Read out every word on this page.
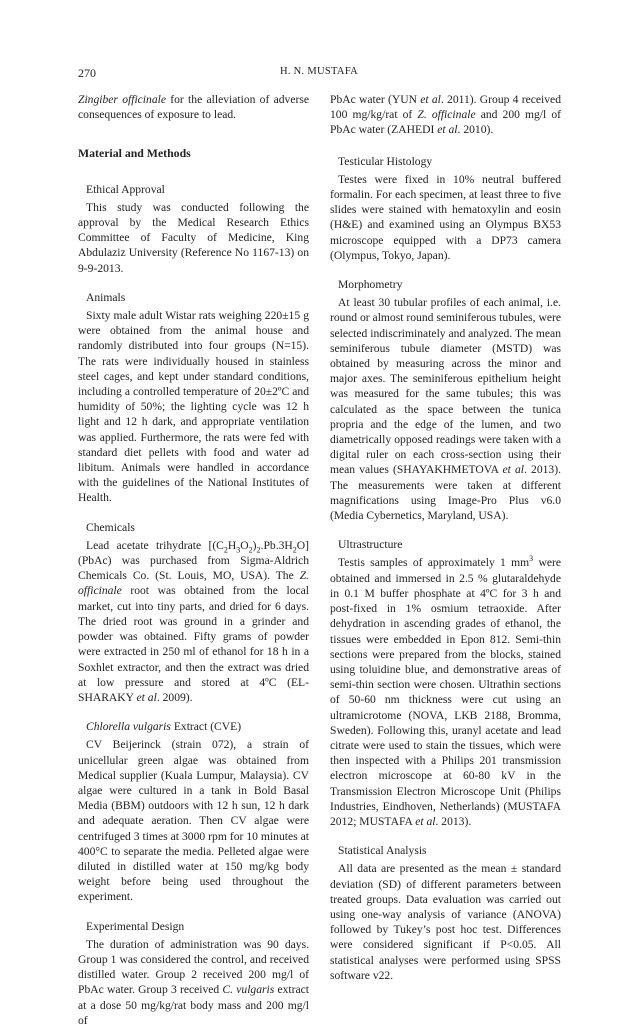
270	H. N. MUSTAFA

Zingiber officinale for the alleviation of adverse consequences of exposure to lead.

Material and Methods
Ethical Approval

This study was conducted following the approval by the Medical Research Ethics Committee of Faculty of Medicine, King Abdulaziz University (Reference No 1167-13) on 9-9-2013.

Animals

Sixty male adult Wistar rats weighing 220±15 g were obtained from the animal house and randomly distributed into four groups (N=15). The rats were individually housed in stainless steel cages, and kept under standard conditions, including a controlled temperature of 20±2ºC and humidity of 50%; the lighting cycle was 12 h light and 12 h dark, and appropriate ventilation was applied. Furthermore, the rats were fed with standard diet pellets with food and water ad libitum. Animals were handled in accordance with the guidelines of the National Institutes of Health.

Chemicals

Lead acetate trihydrate $[(C_2H_3O_2)_2.Pb.3H_2O]$ (PbAc) was purchased from Sigma-Aldrich Chemicals Co. (St. Louis, MO, USA). The Z. officinale root was obtained from the local market, cut into tiny parts, and dried for 6 days. The dried root was ground in a grinder and powder was obtained. Fifty grams of powder were extracted in 250 ml of ethanol for 18 h in a Soxhlet extractor, and then the extract was dried at low pressure and stored at 4ºC (EL-SHARAKY et al. 2009).

Chlorella vulgaris Extract (CVE)

CV Beijerinck (strain 072), a strain of unicellular green algae was obtained from Medical supplier (Kuala Lumpur, Malaysia). CV algae were cultured in a tank in Bold Basal Media (BBM) outdoors with 12 h sun, 12 h dark and adequate aeration. Then CV algae were centrifuged 3 times at 3000 rpm for 10 minutes at 400°C to separate the media. Pelleted algae were diluted in distilled water at 150 mg/kg body weight before being used throughout the experiment.

Experimental Design

The duration of administration was 90 days. Group 1 was considered the control, and received distilled water. Group 2 received 200 mg/l of PbAc water. Group 3 received C. vulgaris extract at a dose 50 mg/kg/rat body mass and 200 mg/l of

PbAc water (YUN et al. 2011). Group 4 received 100 mg/kg/rat of Z. officinale and 200 mg/l of PbAc water (ZAHEDI et al. 2010).

Testicular Histology

Testes were fixed in 10% neutral buffered formalin. For each specimen, at least three to five slides were stained with hematoxylin and eosin (H&E) and examined using an Olympus BX53 microscope equipped with a DP73 camera (Olympus, Tokyo, Japan).

Morphometry

At least 30 tubular profiles of each animal, i.e. round or almost round seminiferous tubules, were selected indiscriminately and analyzed. The mean seminiferous tubule diameter (MSTD) was obtained by measuring across the minor and major axes. The seminiferous epithelium height was measured for the same tubules; this was calculated as the space between the tunica propria and the edge of the lumen, and two diametrically opposed readings were taken with a digital ruler on each cross-section using their mean values (SHAYAKHMETOVA et al. 2013). The measurements were taken at different magnifications using Image-Pro Plus v6.0 (Media Cybernetics, Maryland, USA).

Ultrastructure

Testis samples of approximately 1 $mm^3$ were obtained and immersed in 2.5 % glutaraldehyde in 0.1 M buffer phosphate at 4ºC for 3 h and post-fixed in 1% osmium tetraoxide. After dehydration in ascending grades of ethanol, the tissues were embedded in Epon 812. Semi-thin sections were prepared from the blocks, stained using toluidine blue, and demonstrative areas of semi-thin section were chosen. Ultrathin sections of 50-60 nm thickness were cut using an ultramicrotome (NOVA, LKB 2188, Bromma, Sweden). Following this, uranyl acetate and lead citrate were used to stain the tissues, which were then inspected with a Philips 201 transmission electron microscope at 60-80 kV in the Transmission Electron Microscope Unit (Philips Industries, Eindhoven, Netherlands) (MUSTAFA 2012; MUSTAFA et al. 2013).

Statistical Analysis

All data are presented as the mean ± standard deviation (SD) of different parameters between treated groups. Data evaluation was carried out using one-way analysis of variance (ANOVA) followed by Tukey’s post hoc test. Differences were considered significant if P<0.05. All statistical analyses were performed using SPSS software v22.
